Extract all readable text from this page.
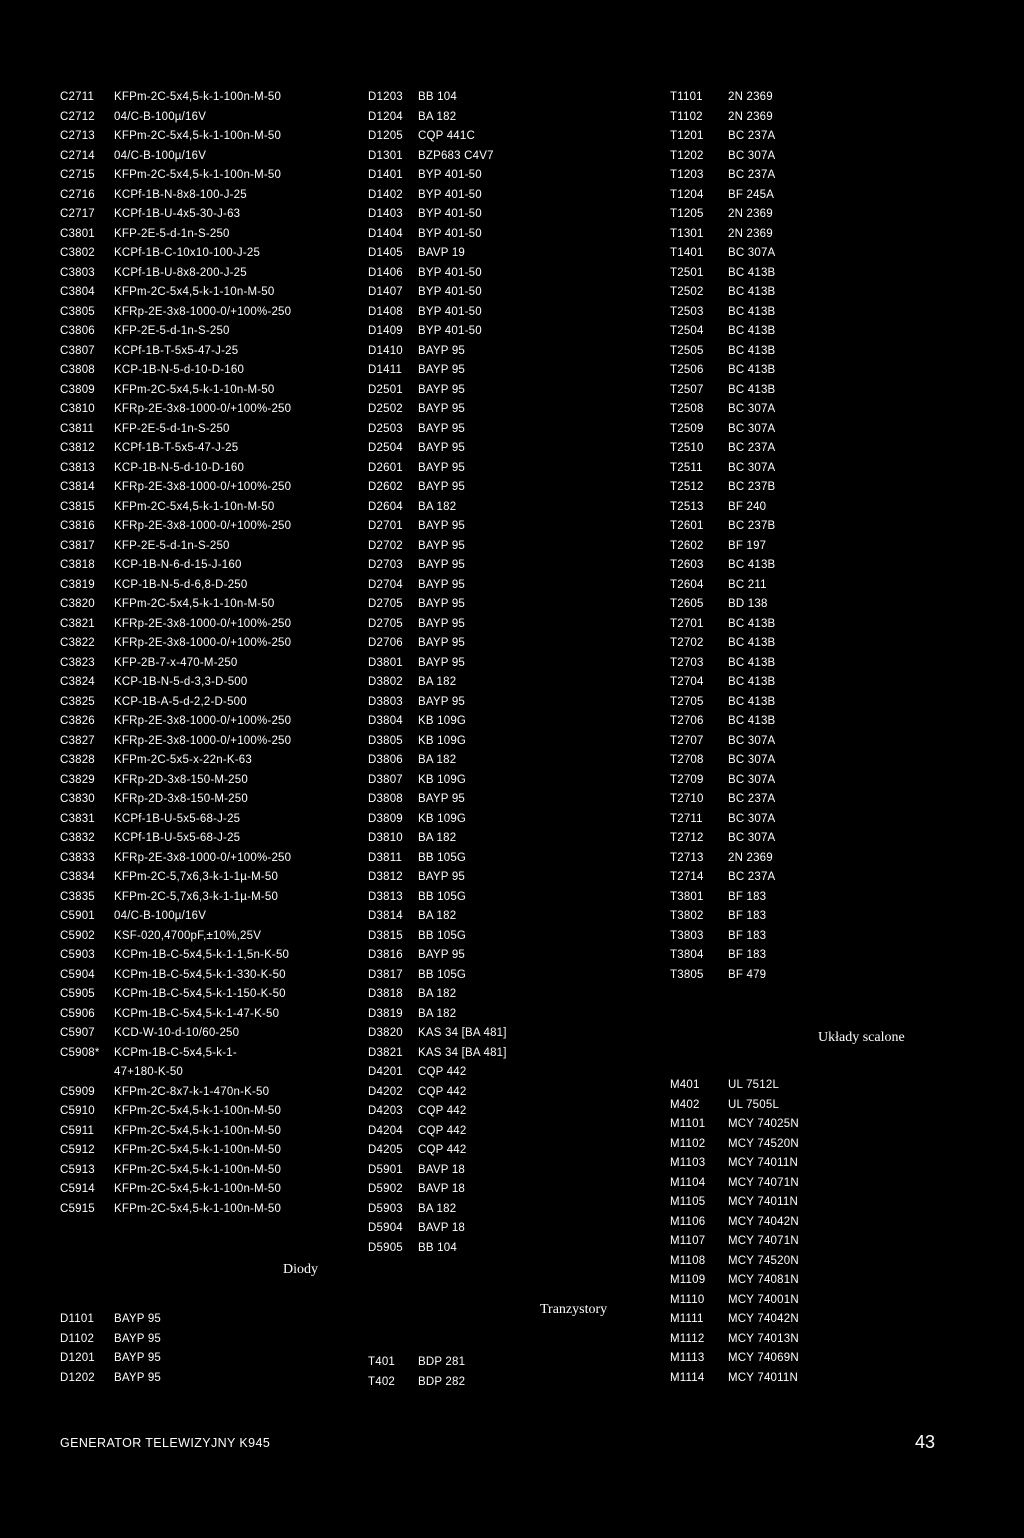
C2711 KFPm-2C-5x4,5-k-1-100n-M-50
C2712 04/C-B-100µ/16V
C2713 KFPm-2C-5x4,5-k-1-100n-M-50
C2714 04/C-B-100µ/16V
C2715 KFPm-2C-5x4,5-k-1-100n-M-50
C2716 KCPf-1B-N-8x8-100-J-25
C2717 KCPf-1B-U-4x5-30-J-63
C3801 KFP-2E-5-d-1n-S-250
C3802 KCPf-1B-C-10x10-100-J-25
C3803 KCPf-1B-U-8x8-200-J-25
C3804 KFPm-2C-5x4,5-k-1-10n-M-50
C3805 KFRp-2E-3x8-1000-0/+100%-250
C3806 KFP-2E-5-d-1n-S-250
C3807 KCPf-1B-T-5x5-47-J-25
C3808 KCP-1B-N-5-d-10-D-160
C3809 KFPm-2C-5x4,5-k-1-10n-M-50
C3810 KFRp-2E-3x8-1000-0/+100%-250
C3811 KFP-2E-5-d-1n-S-250
C3812 KCPf-1B-T-5x5-47-J-25
C3813 KCP-1B-N-5-d-10-D-160
C3814 KFRp-2E-3x8-1000-0/+100%-250
C3815 KFPm-2C-5x4,5-k-1-10n-M-50
C3816 KFRp-2E-3x8-1000-0/+100%-250
C3817 KFP-2E-5-d-1n-S-250
C3818 KCP-1B-N-6-d-15-J-160
C3819 KCP-1B-N-5-d-6,8-D-250
C3820 KFPm-2C-5x4,5-k-1-10n-M-50
C3821 KFRp-2E-3x8-1000-0/+100%-250
C3822 KFRp-2E-3x8-1000-0/+100%-250
C3823 KFP-2B-7-x-470-M-250
C3824 KCP-1B-N-5-d-3,3-D-500
C3825 KCP-1B-A-5-d-2,2-D-500
C3826 KFRp-2E-3x8-1000-0/+100%-250
C3827 KFRp-2E-3x8-1000-0/+100%-250
C3828 KFPm-2C-5x5-x-22n-K-63
C3829 KFRp-2D-3x8-150-M-250
C3830 KFRp-2D-3x8-150-M-250
C3831 KCPf-1B-U-5x5-68-J-25
C3832 KCPf-1B-U-5x5-68-J-25
C3833 KFRp-2E-3x8-1000-0/+100%-250
C3834 KFPm-2C-5,7x6,3-k-1-1µ-M-50
C3835 KFPm-2C-5,7x6,3-k-1-1µ-M-50
C5901 04/C-B-100µ/16V
C5902 KSF-020,4700pF,±10%,25V
C5903 KCPm-1B-C-5x4,5-k-1-1,5n-K-50
C5904 KCPm-1B-C-5x4,5-k-1-330-K-50
C5905 KCPm-1B-C-5x4,5-k-1-150-K-50
C5906 KCPm-1B-C-5x4,5-k-1-47-K-50
C5907 KCD-W-10-d-10/60-250
C5908* KCPm-1B-C-5x4,5-k-1-
47+180-K-50
C5909 KFPm-2C-8x7-k-1-470n-K-50
C5910 KFPm-2C-5x4,5-k-1-100n-M-50
C5911 KFPm-2C-5x4,5-k-1-100n-M-50
C5912 KFPm-2C-5x4,5-k-1-100n-M-50
C5913 KFPm-2C-5x4,5-k-1-100n-M-50
C5914 KFPm-2C-5x4,5-k-1-100n-M-50
C5915 KFPm-2C-5x4,5-k-1-100n-M-50
D1101 BAYP 95
D1102 BAYP 95
D1201 BAYP 95
D1202 BAYP 95
D1203 BB 104
D1204 BA 182
D1205 CQP 441C
D1301 BZP683 C4V7
D1401 BYP 401-50
D1402 BYP 401-50
D1403 BYP 401-50
D1404 BYP 401-50
D1405 BAVP 19
D1406 BYP 401-50
D1407 BYP 401-50
D1408 BYP 401-50
D1409 BYP 401-50
D1410 BAYP 95
D1411 BAYP 95
D2501 BAYP 95
D2502 BAYP 95
D2503 BAYP 95
D2504 BAYP 95
D2601 BAYP 95
D2602 BAYP 95
D2604 BA 182
D2701 BAYP 95
D2702 BAYP 95
D2703 BAYP 95
D2704 BAYP 95
D2705 BAYP 95
D2705 BAYP 95
D2706 BAYP 95
D3801 BAYP 95
D3802 BA 182
D3803 BAYP 95
D3804 KB 109G
D3805 KB 109G
D3806 BA 182
D3807 KB 109G
D3808 BAYP 95
D3809 KB 109G
D3810 BA 182
D3811 BB 105G
D3812 BAYP 95
D3813 BB 105G
D3814 BA 182
D3815 BB 105G
D3816 BAYP 95
D3817 BB 105G
D3818 BA 182
D3819 BA 182
D3820 KAS 34 [BA 481]
D3821 KAS 34 [BA 481]
D4201 CQP 442
D4202 CQP 442
D4203 CQP 442
D4204 CQP 442
D4205 CQP 442
D5901 BAVP 18
D5902 BAVP 18
D5903 BA 182
D5904 BAVP 18
D5905 BB 104
T401 BDP 281
T402 BDP 282
T1101 2N 2369
T1102 2N 2369
T1201 BC 237A
T1202 BC 307A
T1203 BC 237A
T1204 BF 245A
T1205 2N 2369
T1301 2N 2369
T1401 BC 307A
T2501 BC 413B
T2502 BC 413B
T2503 BC 413B
T2504 BC 413B
T2505 BC 413B
T2506 BC 413B
T2507 BC 413B
T2508 BC 307A
T2509 BC 307A
T2510 BC 237A
T2511 BC 307A
T2512 BC 237B
T2513 BF 240
T2601 BC 237B
T2602 BF 197
T2603 BC 413B
T2604 BC 211
T2605 BD 138
T2701 BC 413B
T2702 BC 413B
T2703 BC 413B
T2704 BC 413B
T2705 BC 413B
T2706 BC 413B
T2707 BC 307A
T2708 BC 307A
T2709 BC 307A
T2710 BC 237A
T2711 BC 307A
T2712 BC 307A
T2713 2N 2369
T2714 BC 237A
T3801 BF 183
T3802 BF 183
T3803 BF 183
T3804 BF 183
T3805 BF 479
M401 UL 7512L
M402 UL 7505L
M1101 MCY 74025N
M1102 MCY 74520N
M1103 MCY 74011N
M1104 MCY 74071N
M1105 MCY 74011N
M1106 MCY 74042N
M1107 MCY 74071N
M1108 MCY 74520N
M1109 MCY 74081N
M1110 MCY 74001N
M1111 MCY 74042N
M1112 MCY 74013N
M1113 MCY 74069N
M1114 MCY 74011N
Diody
Tranzystory
Układy scalone
GENERATOR TELEWIZYJNY K945	43
